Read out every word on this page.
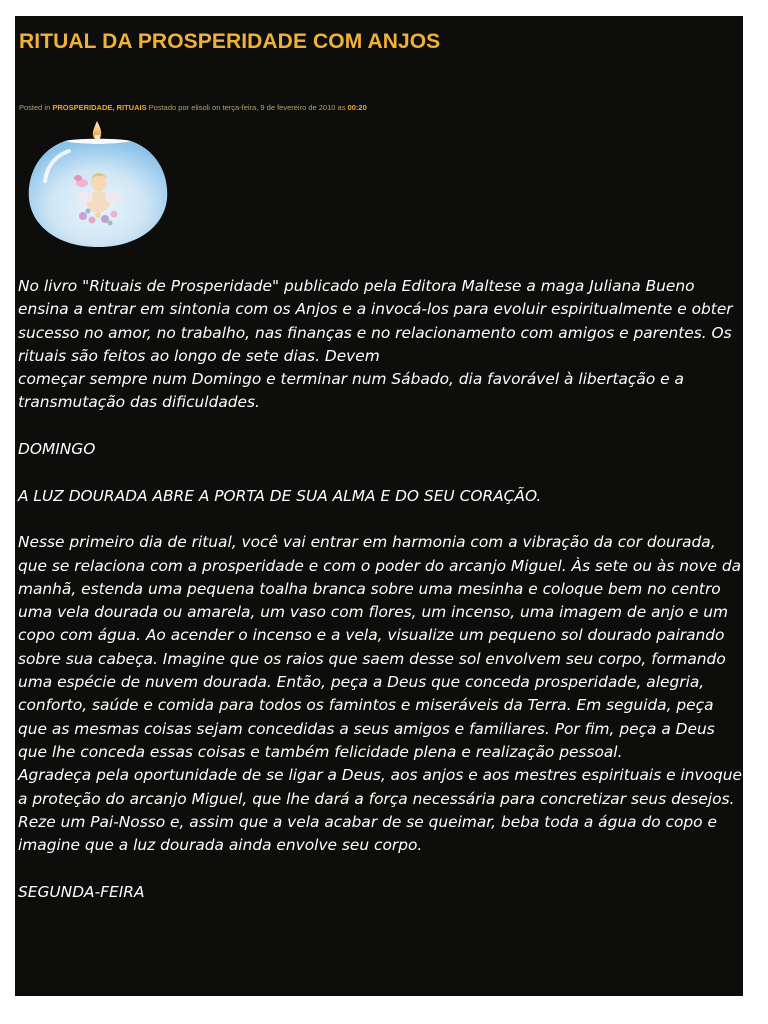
RITUAL DA PROSPERIDADE COM ANJOS
Posted in PROSPERIDADE, RITUAIS Postado por elisoli on terça-feira, 9 de fevereiro de 2010 as 00:20

No livro "Rituais de Prosperidade" publicado pela Editora Maltese a maga Juliana Bueno ensina a entrar em sintonia com os Anjos e a invocá-los para evoluir espiritualmente e obter sucesso no amor, no trabalho, nas finanças e no relacionamento com amigos e parentes. Os rituais são feitos ao longo de sete dias. Devem

começar sempre num Domingo e terminar num Sábado, dia favorável à libertação e a transmutação das dificuldades.

DOMINGO

A LUZ DOURADA ABRE A PORTA DE SUA ALMA E DO SEU CORAÇÃO.

Nesse primeiro dia de ritual, você vai entrar em harmonia com a vibração da cor dourada, que se relaciona com a prosperidade e com o poder do arcanjo Miguel. Às sete ou às nove da manhã, estenda uma pequena toalha branca sobre uma mesinha e coloque bem no centro uma vela dourada ou amarela, um vaso com flores, um incenso, uma imagem de anjo e um copo com água. Ao acender o incenso e a vela, visualize um pequeno sol dourado pairando sobre sua cabeça. Imagine que os raios que saem desse sol envolvem seu corpo, formando uma espécie de nuvem dourada. Então, peça a Deus que conceda prosperidade, alegria, conforto, saúde e comida para todos os famintos e miseráveis da Terra. Em seguida, peça que as mesmas coisas sejam concedidas a seus amigos e familiares. Por fim, peça a Deus que lhe conceda essas coisas e também felicidade plena e realização pessoal.

Agradeça pela oportunidade de se ligar a Deus, aos anjos e aos mestres espirituais e invoque a proteção do arcanjo Miguel, que lhe dará a força necessária para concretizar seus desejos. Reze um Pai-Nosso e, assim que a vela acabar de se queimar, beba toda a água do copo e imagine que a luz dourada ainda envolve seu corpo.

SEGUNDA-FEIRA
